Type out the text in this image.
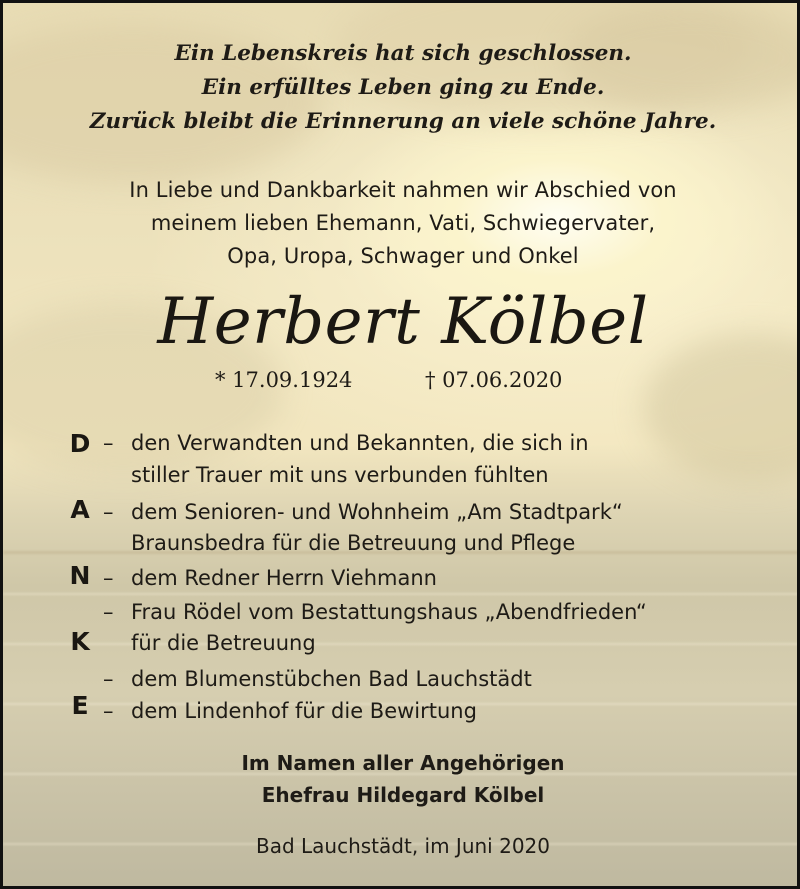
Ein Lebenskreis hat sich geschlossen.
Ein erfülltes Leben ging zu Ende.
Zurück bleibt die Erinnerung an viele schöne Jahre.
In Liebe und Dankbarkeit nahmen wir Abschied von
meinem lieben Ehemann, Vati, Schwiegervater,
Opa, Uropa, Schwager und Onkel
Herbert Kölbel
* 17.09.1924	† 07.06.2020
D
A
N
K
E
– den Verwandten und Bekannten, die sich in
stiller Trauer mit uns verbunden fühlten
– dem Senioren- und Wohnheim „Am Stadtpark“
Braunsbedra für die Betreuung und Pflege
– dem Redner Herrn Viehmann
– Frau Rödel vom Bestattungshaus „Abendfrieden“
für die Betreuung
– dem Blumenstübchen Bad Lauchstädt
– dem Lindenhof für die Bewirtung
Im Namen aller Angehörigen
Ehefrau Hildegard Kölbel
Bad Lauchstädt, im Juni 2020
